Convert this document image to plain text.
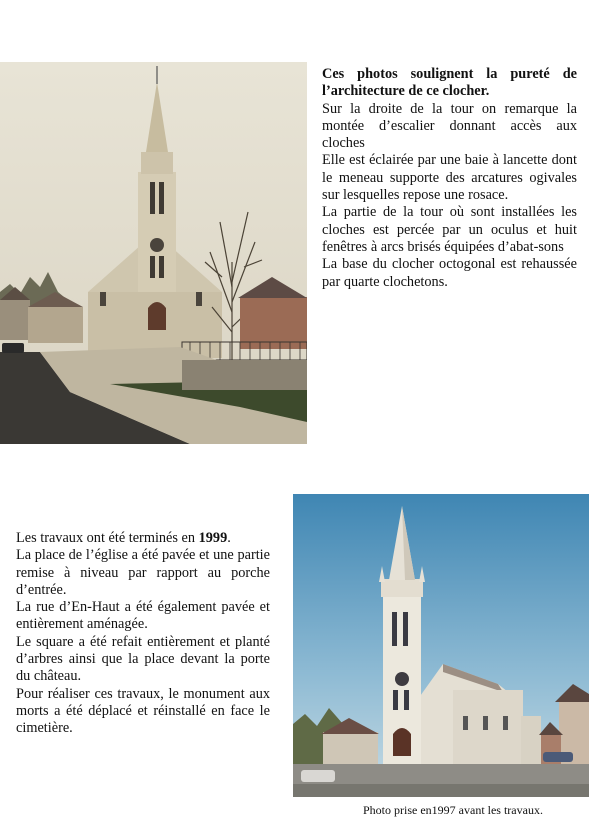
Ces photos soulignent la pureté de l’architecture de ce clocher.

Sur la droite de la tour on remarque la montée d’escalier donnant accès aux cloches

Elle est éclairée par une baie à lancette dont le meneau supporte des arcatures ogivales sur lesquelles repose une rosace.

La partie de la tour où sont installées les cloches est percée par un oculus et huit fenêtres à arcs brisés équipées d’abat-sons

La base du clocher octogonal est rehaussée par quarte clochetons.

Les travaux ont été terminés en 1999.

La place de l’église a été pavée et une partie remise à niveau par rapport au porche d’entrée.

La rue d’En-Haut a été également pavée et entièrement aménagée.

Le square a été refait entièrement et planté d’arbres ainsi que la place devant la porte du château.

Pour réaliser ces travaux, le monument aux morts a été déplacé et réinstallé en face le cimetière.

Photo prise en1997 avant les travaux.
